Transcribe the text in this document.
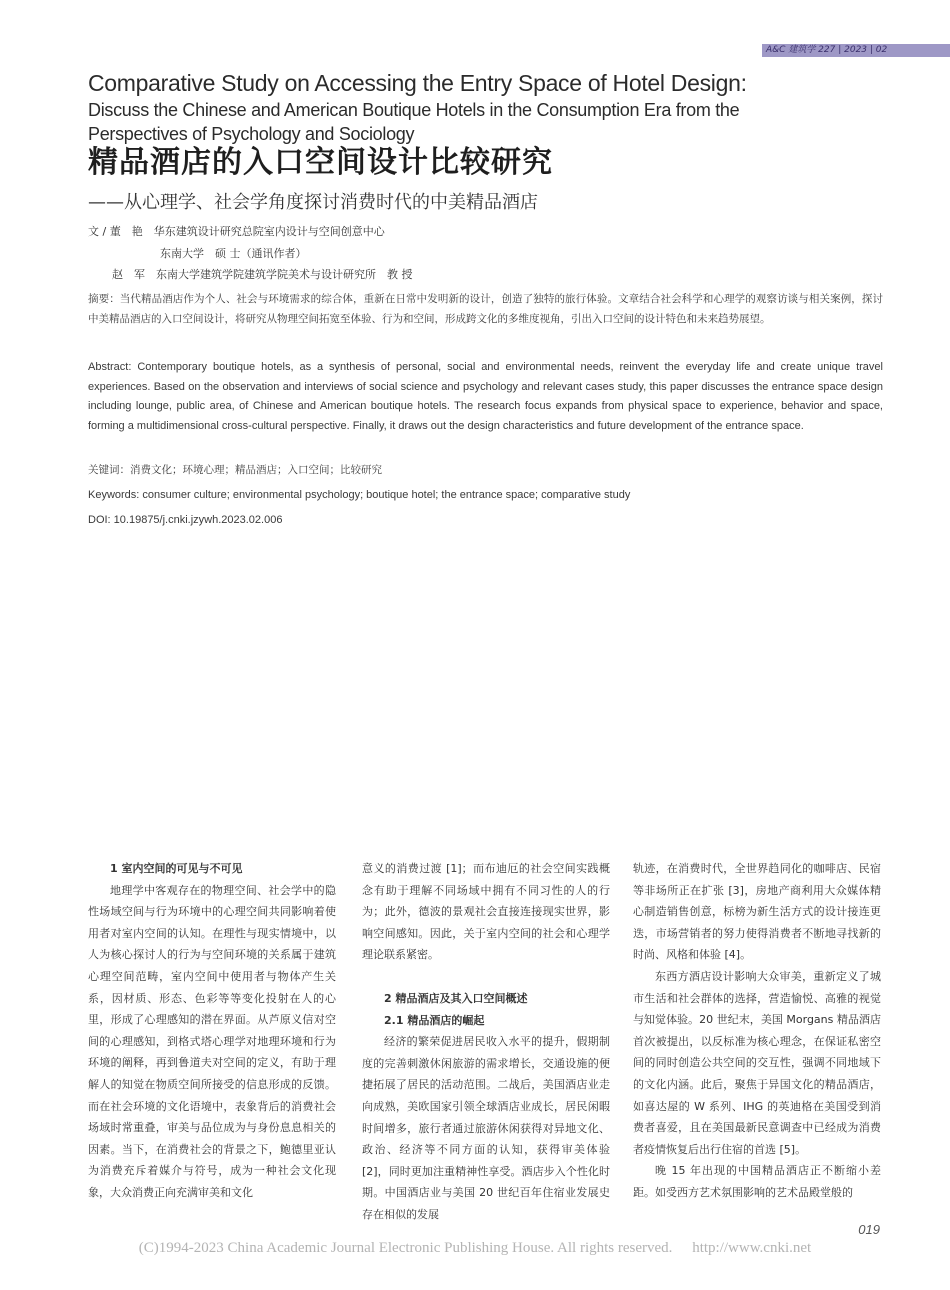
A&C 建筑学 227 | 2023 | 02
Comparative Study on Accessing the Entry Space of Hotel Design:
Discuss the Chinese and American Boutique Hotels in the Consumption Era from the
Perspectives of Psychology and Sociology
精品酒店的入口空间设计比较研究
——从心理学、社会学角度探讨消费时代的中美精品酒店
文 / 董　艳　华东建筑设计研究总院室内设计与空间创意中心
东南大学　硕 士（通讯作者）
赵　军　东南大学建筑学院建筑学院美术与设计研究所　教 授
摘要：当代精品酒店作为个人、社会与环境需求的综合体，重新在日常中发明新的设计，创造了独特的旅行体验。文章结合社会科学和心理学的观察访谈与相关案例，探讨中美精品酒店的入口空间设计，将研究从物理空间拓宽至体验、行为和空间，形成跨文化的多维度视角，引出入口空间的设计特色和未来趋势展望。
Abstract: Contemporary boutique hotels, as a synthesis of personal, social and environmental needs, reinvent the everyday life and create unique travel experiences. Based on the observation and interviews of social science and psychology and relevant cases study, this paper discusses the entrance space design including lounge, public area, of Chinese and American boutique hotels. The research focus expands from physical space to experience, behavior and space, forming a multidimensional cross-cultural perspective. Finally, it draws out the design characteristics and future development of the entrance space.
关键词：消费文化；环境心理；精品酒店；入口空间；比较研究
Keywords: consumer culture; environmental psychology; boutique hotel; the entrance space; comparative study
DOI: 10.19875/j.cnki.jzywh.2023.02.006
1 室内空间的可见与不可见

地理学中客观存在的物理空间、社会学中的隐性场域空间与行为环境中的心理空间共同影响着使用者对室内空间的认知。在理性与现实情境中，以人为核心探讨人的行为与空间环境的关系属于建筑心理空间范畴，室内空间中使用者与物体产生关系，因材质、形态、色彩等等变化投射在人的心里，形成了心理感知的潜在界面。从芦原义信对空间的心理感知，到格式塔心理学对地理环境和行为环境的阐释，再到鲁道夫对空间的定义，有助于理解人的知觉在物质空间所接受的信息形成的反馈。而在社会环境的文化语境中，表象背后的消费社会场域时常重叠，审美与品位成为与身份息息相关的因素。当下，在消费社会的背景之下，鲍德里亚认为消费充斥着媒介与符号，成为一种社会文化现象，大众消费正向充满审美和文化

意义的消费过渡 [1]；而布迪厄的社会空间实践概念有助于理解不同场域中拥有不同习性的人的行为；此外，德波的景观社会直接连接现实世界，影响空间感知。因此，关于室内空间的社会和心理学理论联系紧密。

2 精品酒店及其入口空间概述
2.1 精品酒店的崛起

经济的繁荣促进居民收入水平的提升，假期制度的完善刺激休闲旅游的需求增长，交通设施的便捷拓展了居民的活动范围。二战后，美国酒店业走向成熟，美欧国家引领全球酒店业成长，居民闲暇时间增多，旅行者通过旅游休闲获得对异地文化、政治、经济等不同方面的认知，获得审美体验 [2]，同时更加注重精神性享受。酒店步入个性化时期。中国酒店业与美国 20 世纪百年住宿业发展史存在相似的发展

轨迹，在消费时代，全世界趋同化的咖啡店、民宿等非场所正在扩张 [3]，房地产商利用大众媒体精心制造销售创意，标榜为新生活方式的设计接连更迭，市场营销者的努力使得消费者不断地寻找新的时尚、风格和体验 [4]。

东西方酒店设计影响大众审美，重新定义了城市生活和社会群体的选择，营造愉悦、高雅的视觉与知觉体验。20 世纪末，美国 Morgans 精品酒店首次被提出，以反标准为核心理念，在保证私密空间的同时创造公共空间的交互性，强调不同地域下的文化内涵。此后，聚焦于异国文化的精品酒店，如喜达屋的 W 系列、IHG 的英迪格在美国受到消费者喜爱，且在美国最新民意调查中已经成为消费者疫情恢复后出行住宿的首选 [5]。

晚 15 年出现的中国精品酒店正不断缩小差距。如受西方艺术氛围影响的艺术品殿堂般的

019
(C)1994-2023 China Academic Journal Electronic Publishing House. All rights reserved. http://www.cnki.net
